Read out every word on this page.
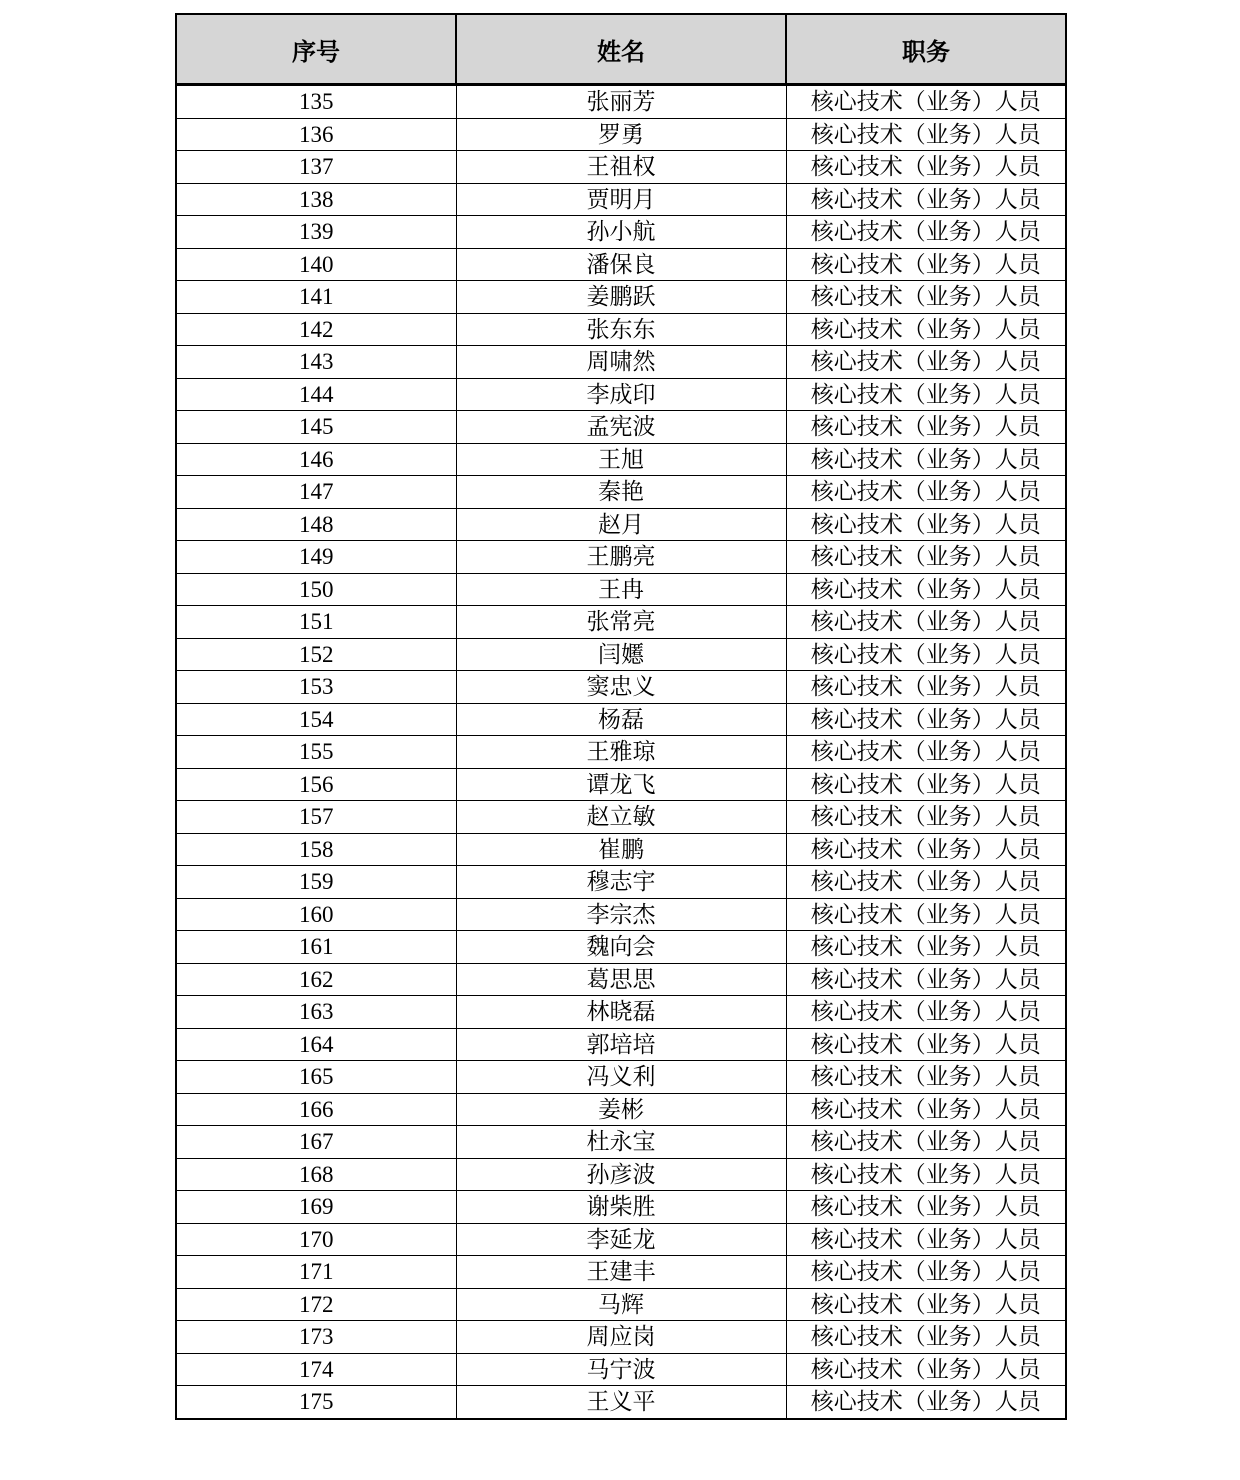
序号	姓名	职务
135	张丽芳	核心技术（业务）人员
136	罗勇	核心技术（业务）人员
137	王祖权	核心技术（业务）人员
138	贾明月	核心技术（业务）人员
139	孙小航	核心技术（业务）人员
140	潘保良	核心技术（业务）人员
141	姜鹏跃	核心技术（业务）人员
142	张东东	核心技术（业务）人员
143	周啸然	核心技术（业务）人员
144	李成印	核心技术（业务）人员
145	孟宪波	核心技术（业务）人员
146	王旭	核心技术（业务）人员
147	秦艳	核心技术（业务）人员
148	赵月	核心技术（业务）人员
149	王鹏亮	核心技术（业务）人员
150	王冉	核心技术（业务）人员
151	张常亮	核心技术（业务）人员
152	闫嬺	核心技术（业务）人员
153	窦忠义	核心技术（业务）人员
154	杨磊	核心技术（业务）人员
155	王雅琼	核心技术（业务）人员
156	谭龙飞	核心技术（业务）人员
157	赵立敏	核心技术（业务）人员
158	崔鹏	核心技术（业务）人员
159	穆志宇	核心技术（业务）人员
160	李宗杰	核心技术（业务）人员
161	魏向会	核心技术（业务）人员
162	葛思思	核心技术（业务）人员
163	林晓磊	核心技术（业务）人员
164	郭培培	核心技术（业务）人员
165	冯义利	核心技术（业务）人员
166	姜彬	核心技术（业务）人员
167	杜永宝	核心技术（业务）人员
168	孙彦波	核心技术（业务）人员
169	谢柴胜	核心技术（业务）人员
170	李延龙	核心技术（业务）人员
171	王建丰	核心技术（业务）人员
172	马辉	核心技术（业务）人员
173	周应岗	核心技术（业务）人员
174	马宁波	核心技术（业务）人员
175	王义平	核心技术（业务）人员
